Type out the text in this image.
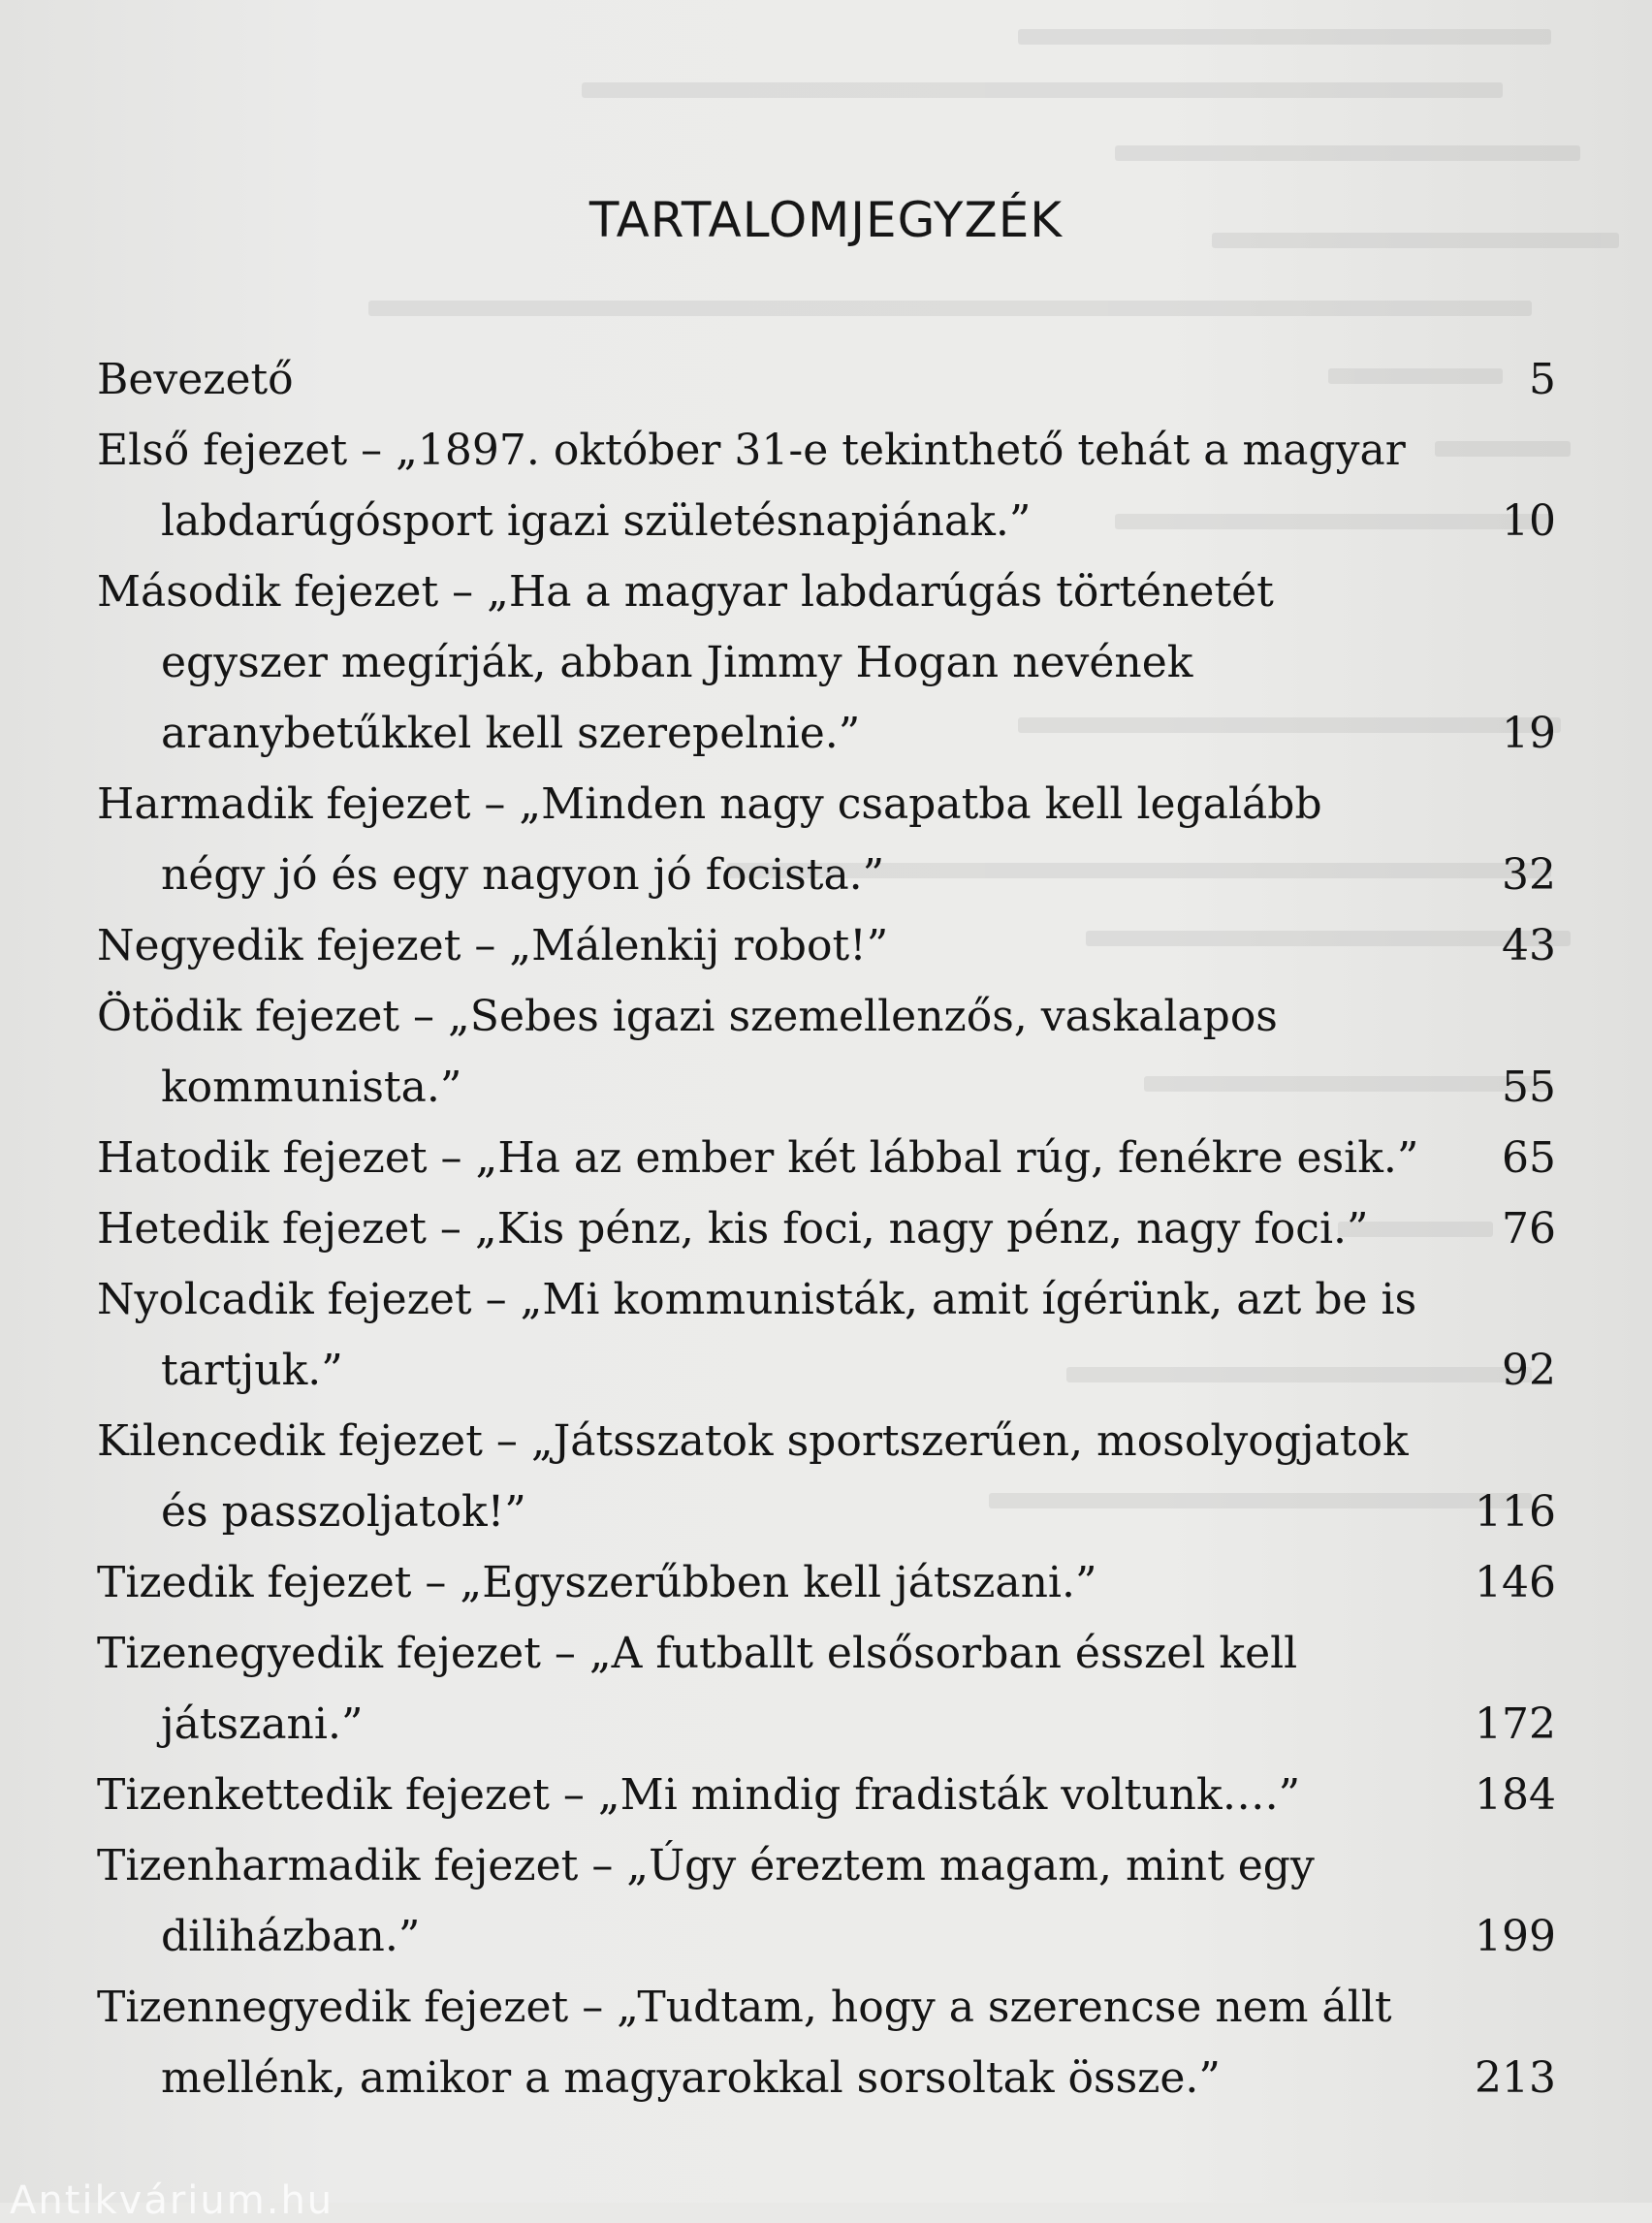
TARTALOMJEGYZÉK
Bevezető	5
Első fejezet – „1897. október 31-e tekinthető tehát a magyar labdarúgósport igazi születésnapjának.”	10
Második fejezet – „Ha a magyar labdarúgás történetét egyszer megírják, abban Jimmy Hogan nevének aranybetűkkel kell szerepelnie.”	19
Harmadik fejezet – „Minden nagy csapatba kell legalább négy jó és egy nagyon jó focista.”	32
Negyedik fejezet – „Málenkij robot!”	43
Ötödik fejezet – „Sebes igazi szemellenzős, vaskalapos kommunista.”	55
Hatodik fejezet – „Ha az ember két lábbal rúg, fenékre esik.”	65
Hetedik fejezet – „Kis pénz, kis foci, nagy pénz, nagy foci.”	76
Nyolcadik fejezet – „Mi kommunisták, amit ígérünk, azt be is tartjuk.”	92
Kilencedik fejezet – „Játsszatok sportszerűen, mosolyogjatok és passzoljatok!”	116
Tizedik fejezet – „Egyszerűbben kell játszani.”	146
Tizenegyedik fejezet – „A futballt elsősorban ésszel kell játszani.”	172
Tizenkettedik fejezet – „Mi mindig fradisták voltunk….”	184
Tizenharmadik fejezet – „Úgy éreztem magam, mint egy diliházban.”	199
Tizennegyedik fejezet – „Tudtam, hogy a szerencse nem állt mellénk, amikor a magyarokkal sorsoltak össze.”	213
Antikvárium.hu
